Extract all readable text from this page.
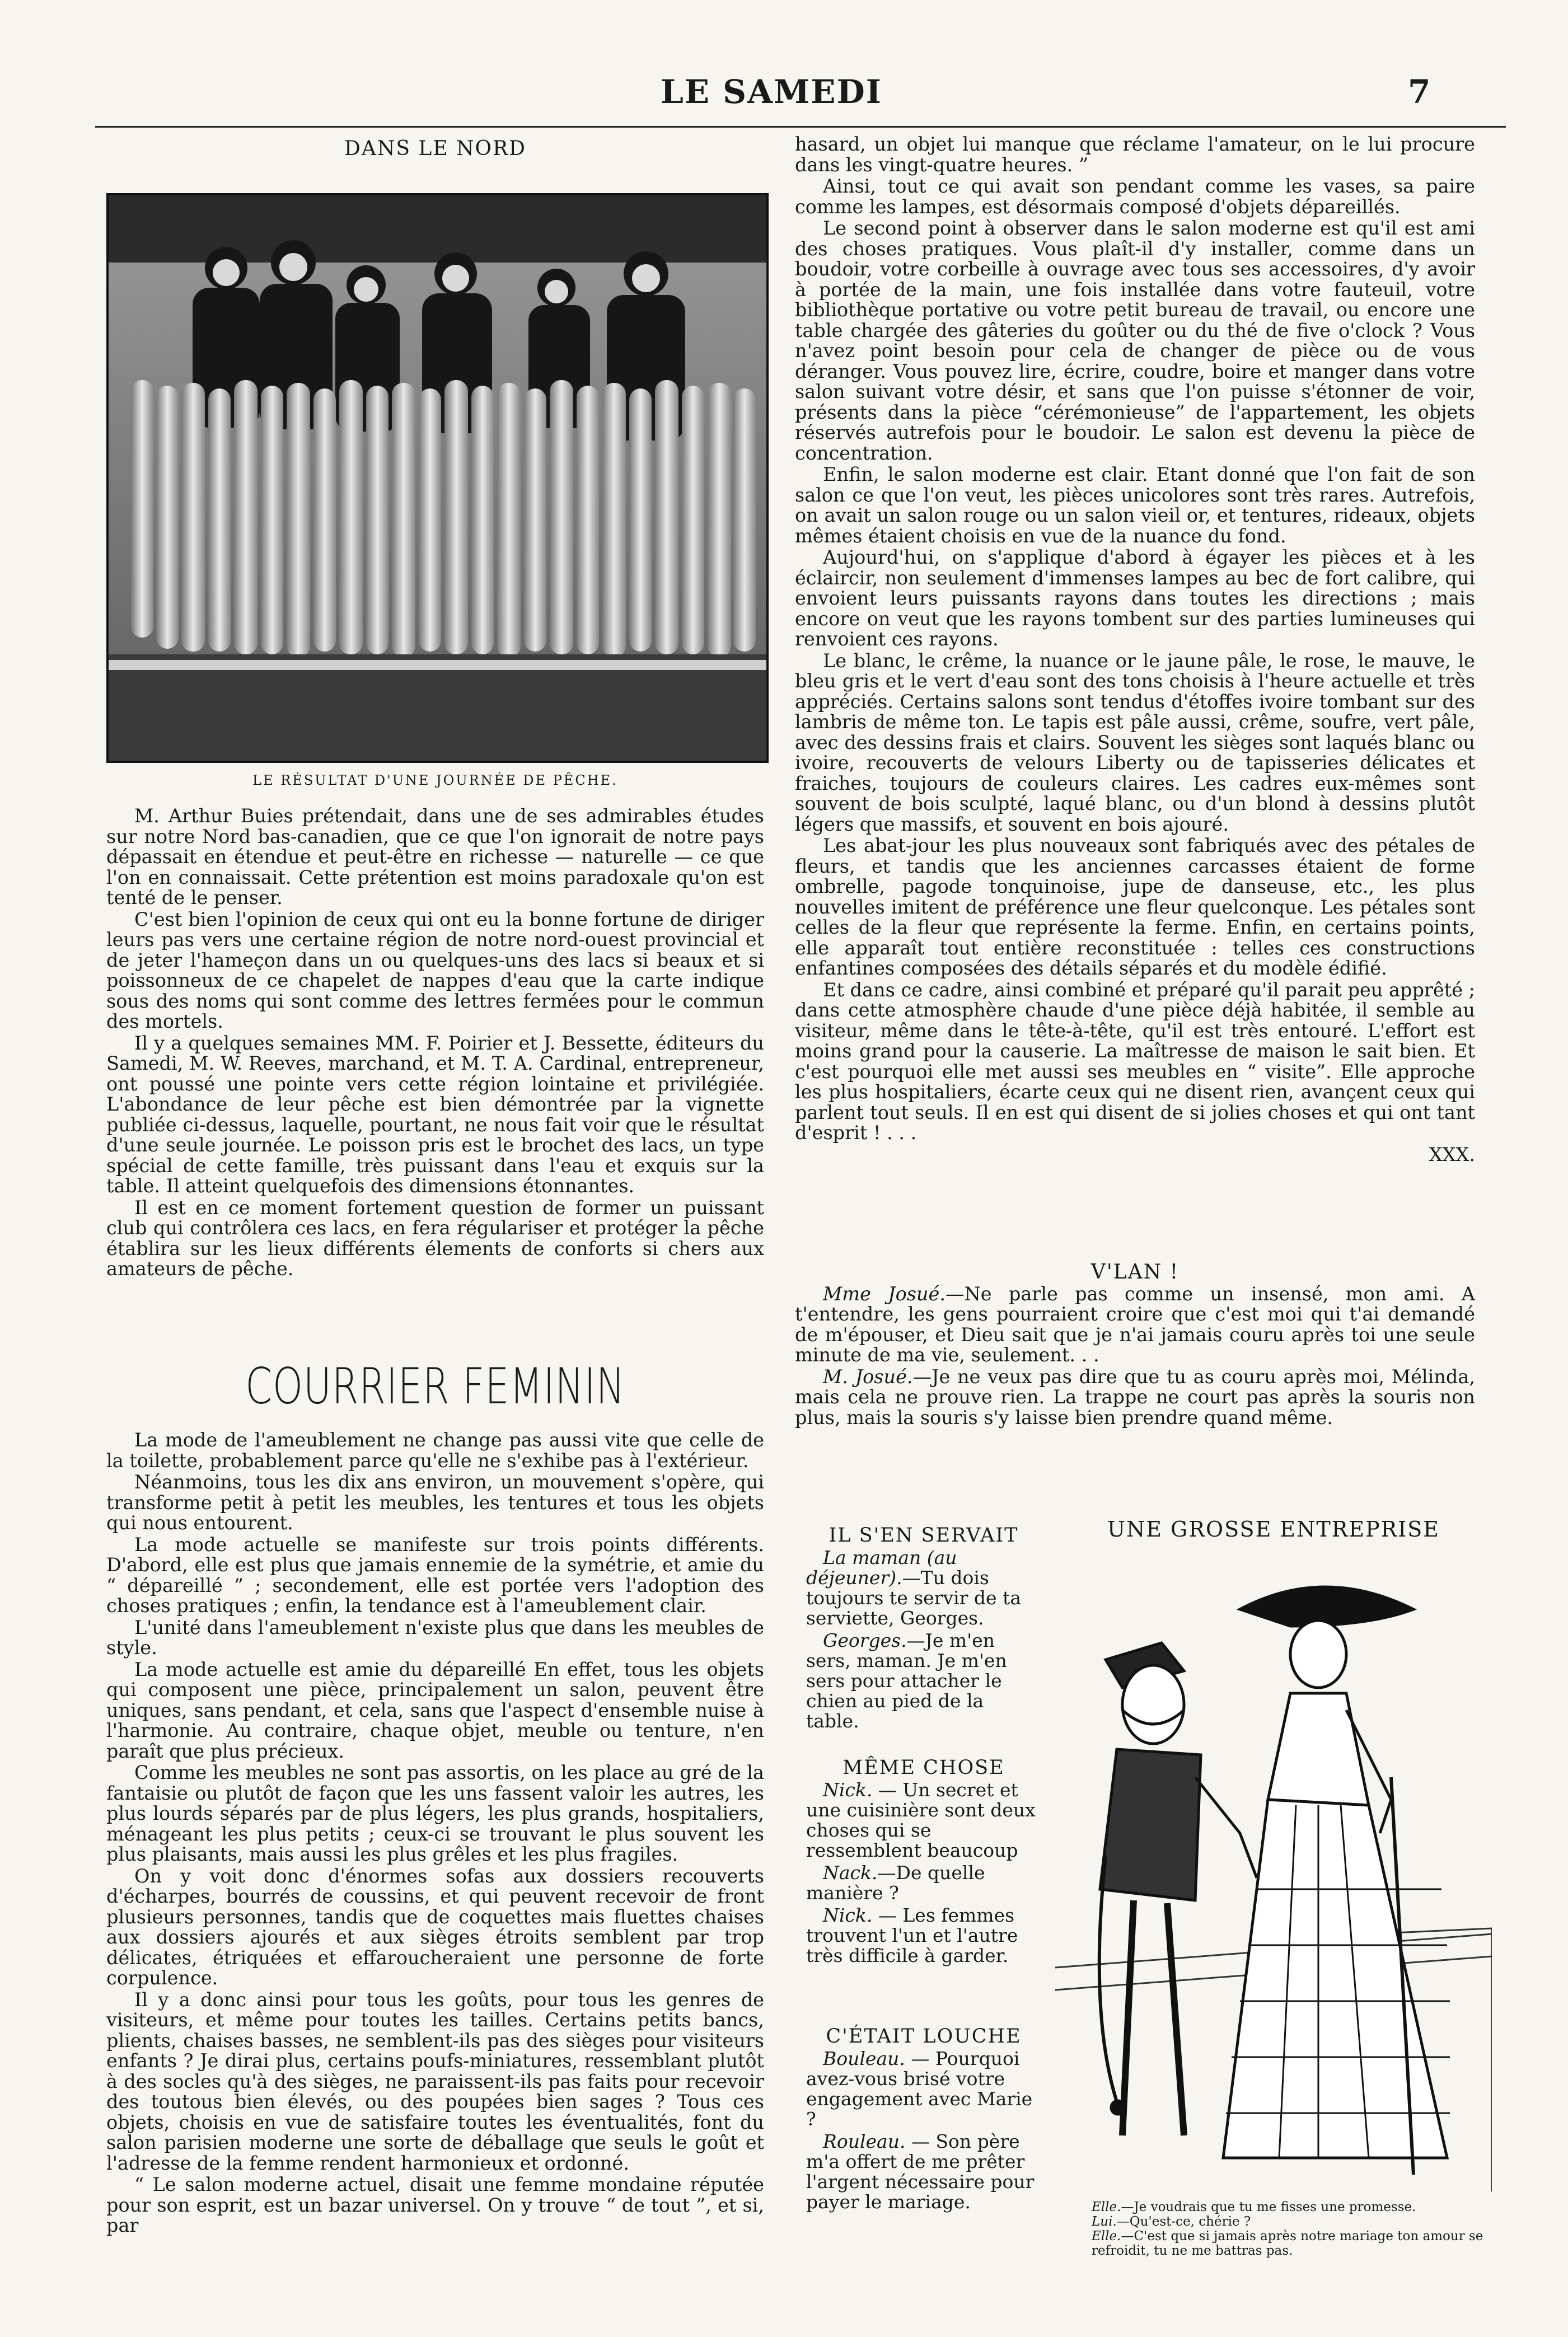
LE SAMEDI	7

DANS LE NORD

LE RÉSULTAT D'UNE JOURNÉE DE PÊCHE.

M. Arthur Buies prétendait, dans une de ses admirables études sur notre Nord bas-canadien, que ce que l'on ignorait de notre pays dépassait en étendue et peut-être en richesse — naturelle — ce que l'on en connaissait. Cette prétention est moins paradoxale qu'on est tenté de le penser.

C'est bien l'opinion de ceux qui ont eu la bonne fortune de diriger leurs pas vers une certaine région de notre nord-ouest provincial et de jeter l'hameçon dans un ou quelques-uns des lacs si beaux et si poissonneux de ce chapelet de nappes d'eau que la carte indique sous des noms qui sont comme des lettres fermées pour le commun des mortels.

Il y a quelques semaines MM. F. Poirier et J. Bessette, éditeurs du Samedi, M. W. Reeves, marchand, et M. T. A. Cardinal, entrepreneur, ont poussé une pointe vers cette région lointaine et privilégiée. L'abondance de leur pêche est bien démontrée par la vignette publiée ci-dessus, laquelle, pourtant, ne nous fait voir que le résultat d'une seule journée. Le poisson pris est le brochet des lacs, un type spécial de cette famille, très puissant dans l'eau et exquis sur la table. Il atteint quelquefois des dimensions étonnantes.

Il est en ce moment fortement question de former un puissant club qui contrôlera ces lacs, en fera régulariser et protéger la pêche établira sur les lieux différents élements de conforts si chers aux amateurs de pêche.

COURRIER FEMININ

La mode de l'ameublement ne change pas aussi vite que celle de la toilette, probablement parce qu'elle ne s'exhibe pas à l'extérieur.

Néanmoins, tous les dix ans environ, un mouvement s'opère, qui transforme petit à petit les meubles, les tentures et tous les objets qui nous entourent.

La mode actuelle se manifeste sur trois points différents. D'abord, elle est plus que jamais ennemie de la symétrie, et amie du “ dépareillé ” ; secondement, elle est portée vers l'adoption des choses pratiques ; enfin, la tendance est à l'ameublement clair.

L'unité dans l'ameublement n'existe plus que dans les meubles de style.

La mode actuelle est amie du dépareillé En effet, tous les objets qui composent une pièce, principalement un salon, peuvent être uniques, sans pendant, et cela, sans que l'aspect d'ensemble nuise à l'harmonie. Au contraire, chaque objet, meuble ou tenture, n'en paraît que plus précieux.

Comme les meubles ne sont pas assortis, on les place au gré de la fantaisie ou plutôt de façon que les uns fassent valoir les autres, les plus lourds séparés par de plus légers, les plus grands, hospitaliers, ménageant les plus petits ; ceux-ci se trouvant le plus souvent les plus plaisants, mais aussi les plus grêles et les plus fragiles.

On y voit donc d'énormes sofas aux dossiers recouverts d'écharpes, bourrés de coussins, et qui peuvent recevoir de front plusieurs personnes, tandis que de coquettes mais fluettes chaises aux dossiers ajourés et aux sièges étroits semblent par trop délicates, étriquées et effaroucheraient une personne de forte corpulence.

Il y a donc ainsi pour tous les goûts, pour tous les genres de visiteurs, et même pour toutes les tailles. Certains petits bancs, plients, chaises basses, ne semblent-ils pas des sièges pour visiteurs enfants ? Je dirai plus, certains poufs-miniatures, ressemblant plutôt à des socles qu'à des sièges, ne paraissent-ils pas faits pour recevoir des toutous bien élevés, ou des poupées bien sages ? Tous ces objets, choisis en vue de satisfaire toutes les éventualités, font du salon parisien moderne une sorte de déballage que seuls le goût et l'adresse de la femme rendent harmonieux et ordonné.

“ Le salon moderne actuel, disait une femme mondaine réputée pour son esprit, est un bazar universel. On y trouve “ de tout ”, et si, par

hasard, un objet lui manque que réclame l'amateur, on le lui procure dans les vingt-quatre heures. ”

Ainsi, tout ce qui avait son pendant comme les vases, sa paire comme les lampes, est désormais composé d'objets dépareillés.

Le second point à observer dans le salon moderne est qu'il est ami des choses pratiques. Vous plaît-il d'y installer, comme dans un boudoir, votre corbeille à ouvrage avec tous ses accessoires, d'y avoir à portée de la main, une fois installée dans votre fauteuil, votre bibliothèque portative ou votre petit bureau de travail, ou encore une table chargée des gâteries du goûter ou du thé de five o'clock ? Vous n'avez point besoin pour cela de changer de pièce ou de vous déranger. Vous pouvez lire, écrire, coudre, boire et manger dans votre salon suivant votre désir, et sans que l'on puisse s'étonner de voir, présents dans la pièce “cérémonieuse” de l'appartement, les objets réservés autrefois pour le boudoir. Le salon est devenu la pièce de concentration.

Enfin, le salon moderne est clair. Etant donné que l'on fait de son salon ce que l'on veut, les pièces unicolores sont très rares. Autrefois, on avait un salon rouge ou un salon vieil or, et tentures, rideaux, objets mêmes étaient choisis en vue de la nuance du fond.

Aujourd'hui, on s'applique d'abord à égayer les pièces et à les éclaircir, non seulement d'immenses lampes au bec de fort calibre, qui envoient leurs puissants rayons dans toutes les directions ; mais encore on veut que les rayons tombent sur des parties lumineuses qui renvoient ces rayons.

Le blanc, le crême, la nuance or le jaune pâle, le rose, le mauve, le bleu gris et le vert d'eau sont des tons choisis à l'heure actuelle et très appréciés. Certains salons sont tendus d'étoffes ivoire tombant sur des lambris de même ton. Le tapis est pâle aussi, crême, soufre, vert pâle, avec des dessins frais et clairs. Souvent les sièges sont laqués blanc ou ivoire, recouverts de velours Liberty ou de tapisseries délicates et fraiches, toujours de couleurs claires. Les cadres eux-mêmes sont souvent de bois sculpté, laqué blanc, ou d'un blond à dessins plutôt légers que massifs, et souvent en bois ajouré.

Les abat-jour les plus nouveaux sont fabriqués avec des pétales de fleurs, et tandis que les anciennes carcasses étaient de forme ombrelle, pagode tonquinoise, jupe de danseuse, etc., les plus nouvelles imitent de préférence une fleur quelconque. Les pétales sont celles de la fleur que représente la ferme. Enfin, en certains points, elle apparaît tout entière reconstituée : telles ces constructions enfantines composées des détails séparés et du modèle édifié.

Et dans ce cadre, ainsi combiné et préparé qu'il parait peu apprêté ; dans cette atmosphère chaude d'une pièce déjà habitée, il semble au visiteur, même dans le tête-à-tête, qu'il est très entouré. L'effort est moins grand pour la causerie. La maîtresse de maison le sait bien. Et c'est pourquoi elle met aussi ses meubles en “ visite”. Elle approche les plus hospitaliers, écarte ceux qui ne disent rien, avançent ceux qui parlent tout seuls. Il en est qui disent de si jolies choses et qui ont tant d'esprit ! . . .

XXX.

V'LAN !

Mme Josué.—Ne parle pas comme un insensé, mon ami. A t'entendre, les gens pourraient croire que c'est moi qui t'ai demandé de m'épouser, et Dieu sait que je n'ai jamais couru après toi une seule minute de ma vie, seulement. . .

M. Josué.—Je ne veux pas dire que tu as couru après moi, Mélinda, mais cela ne prouve rien. La trappe ne court pas après la souris non plus, mais la souris s'y laisse bien prendre quand même.

IL S'EN SERVAIT

La maman (au déjeuner).—Tu dois toujours te servir de ta serviette, Georges.

Georges.—Je m'en sers, maman. Je m'en sers pour attacher le chien au pied de la table.

MÊME CHOSE

Nick. — Un secret et une cuisinière sont deux choses qui se ressemblent beaucoup

Nack.—De quelle manière ?

Nick. — Les femmes trouvent l'un et l'autre très difficile à garder.

C'ÉTAIT LOUCHE

Bouleau. — Pourquoi avez-vous brisé votre engagement avec Marie ?

Rouleau. — Son père m'a offert de me prêter l'argent nécessaire pour payer le mariage.

UNE GROSSE ENTREPRISE
Elle.—Je voudrais que tu me fisses une promesse.
Lui.—Qu'est-ce, chérie ?
Elle.—C'est que si jamais après notre mariage ton amour se refroidit, tu ne me battras pas.
